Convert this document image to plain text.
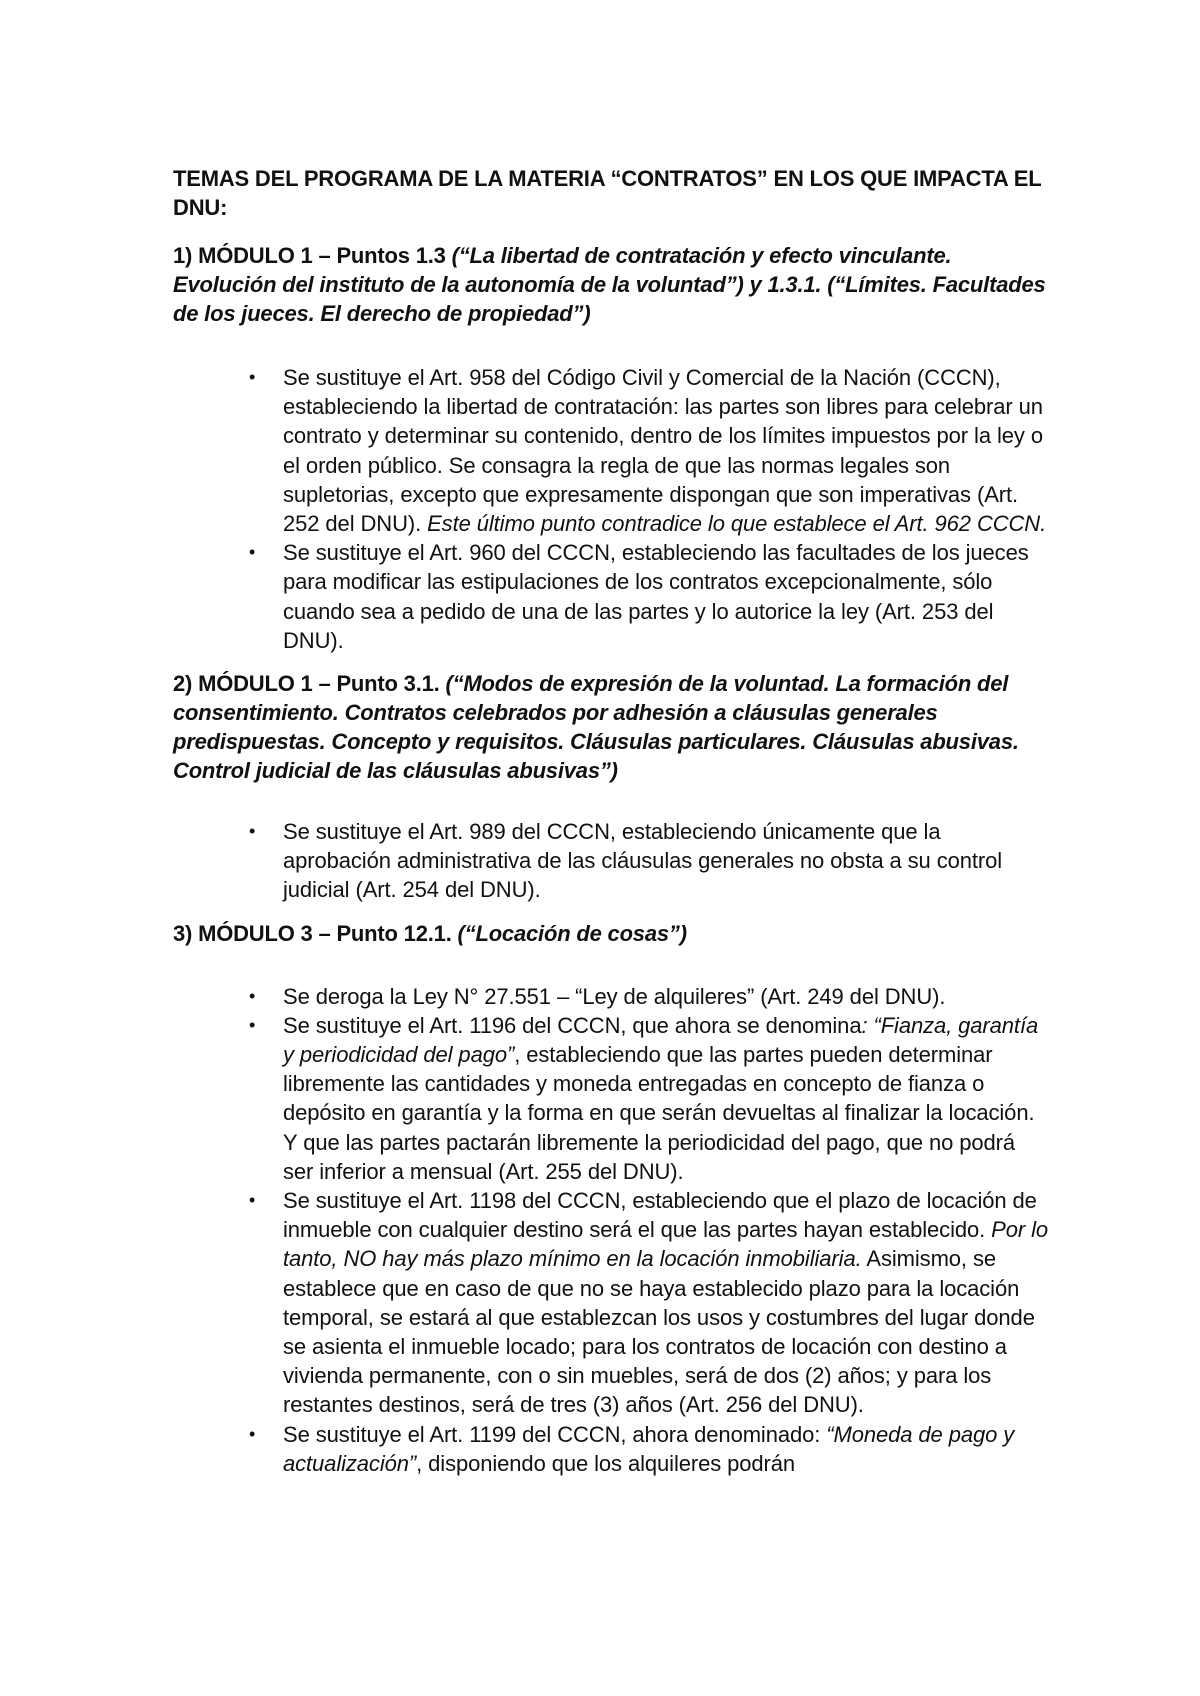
TEMAS DEL PROGRAMA DE LA MATERIA “CONTRATOS” EN LOS QUE IMPACTA EL DNU:

1) MÓDULO 1 – Puntos 1.3 (“La libertad de contratación y efecto vinculante. Evolución del instituto de la autonomía de la voluntad”) y 1.3.1. (“Límites. Facultades de los jueces. El derecho de propiedad”)

• Se sustituye el Art. 958 del Código Civil y Comercial de la Nación (CCCN), estableciendo la libertad de contratación: las partes son libres para celebrar un contrato y determinar su contenido, dentro de los límites impuestos por la ley o el orden público. Se consagra la regla de que las normas legales son supletorias, excepto que expresamente dispongan que son imperativas (Art. 252 del DNU). Este último punto contradice lo que establece el Art. 962 CCCN.
• Se sustituye el Art. 960 del CCCN, estableciendo las facultades de los jueces para modificar las estipulaciones de los contratos excepcionalmente, sólo cuando sea a pedido de una de las partes y lo autorice la ley (Art. 253 del DNU).

2) MÓDULO 1 – Punto 3.1. (“Modos de expresión de la voluntad. La formación del consentimiento. Contratos celebrados por adhesión a cláusulas generales predispuestas. Concepto y requisitos. Cláusulas particulares. Cláusulas abusivas. Control judicial de las cláusulas abusivas”)

• Se sustituye el Art. 989 del CCCN, estableciendo únicamente que la aprobación administrativa de las cláusulas generales no obsta a su control judicial (Art. 254 del DNU).

3) MÓDULO 3 – Punto 12.1. (“Locación de cosas”)

• Se deroga la Ley N° 27.551 – “Ley de alquileres” (Art. 249 del DNU).
• Se sustituye el Art. 1196 del CCCN, que ahora se denomina: “Fianza, garantía y periodicidad del pago”, estableciendo que las partes pueden determinar libremente las cantidades y moneda entregadas en concepto de fianza o depósito en garantía y la forma en que serán devueltas al finalizar la locación. Y que las partes pactarán libremente la periodicidad del pago, que no podrá ser inferior a mensual (Art. 255 del DNU).
• Se sustituye el Art. 1198 del CCCN, estableciendo que el plazo de locación de inmueble con cualquier destino será el que las partes hayan establecido. Por lo tanto, NO hay más plazo mínimo en la locación inmobiliaria. Asimismo, se establece que en caso de que no se haya establecido plazo para la locación temporal, se estará al que establezcan los usos y costumbres del lugar donde se asienta el inmueble locado; para los contratos de locación con destino a vivienda permanente, con o sin muebles, será de dos (2) años; y para los restantes destinos, será de tres (3) años (Art. 256 del DNU).
• Se sustituye el Art. 1199 del CCCN, ahora denominado: “Moneda de pago y actualización”, disponiendo que los alquileres podrán
